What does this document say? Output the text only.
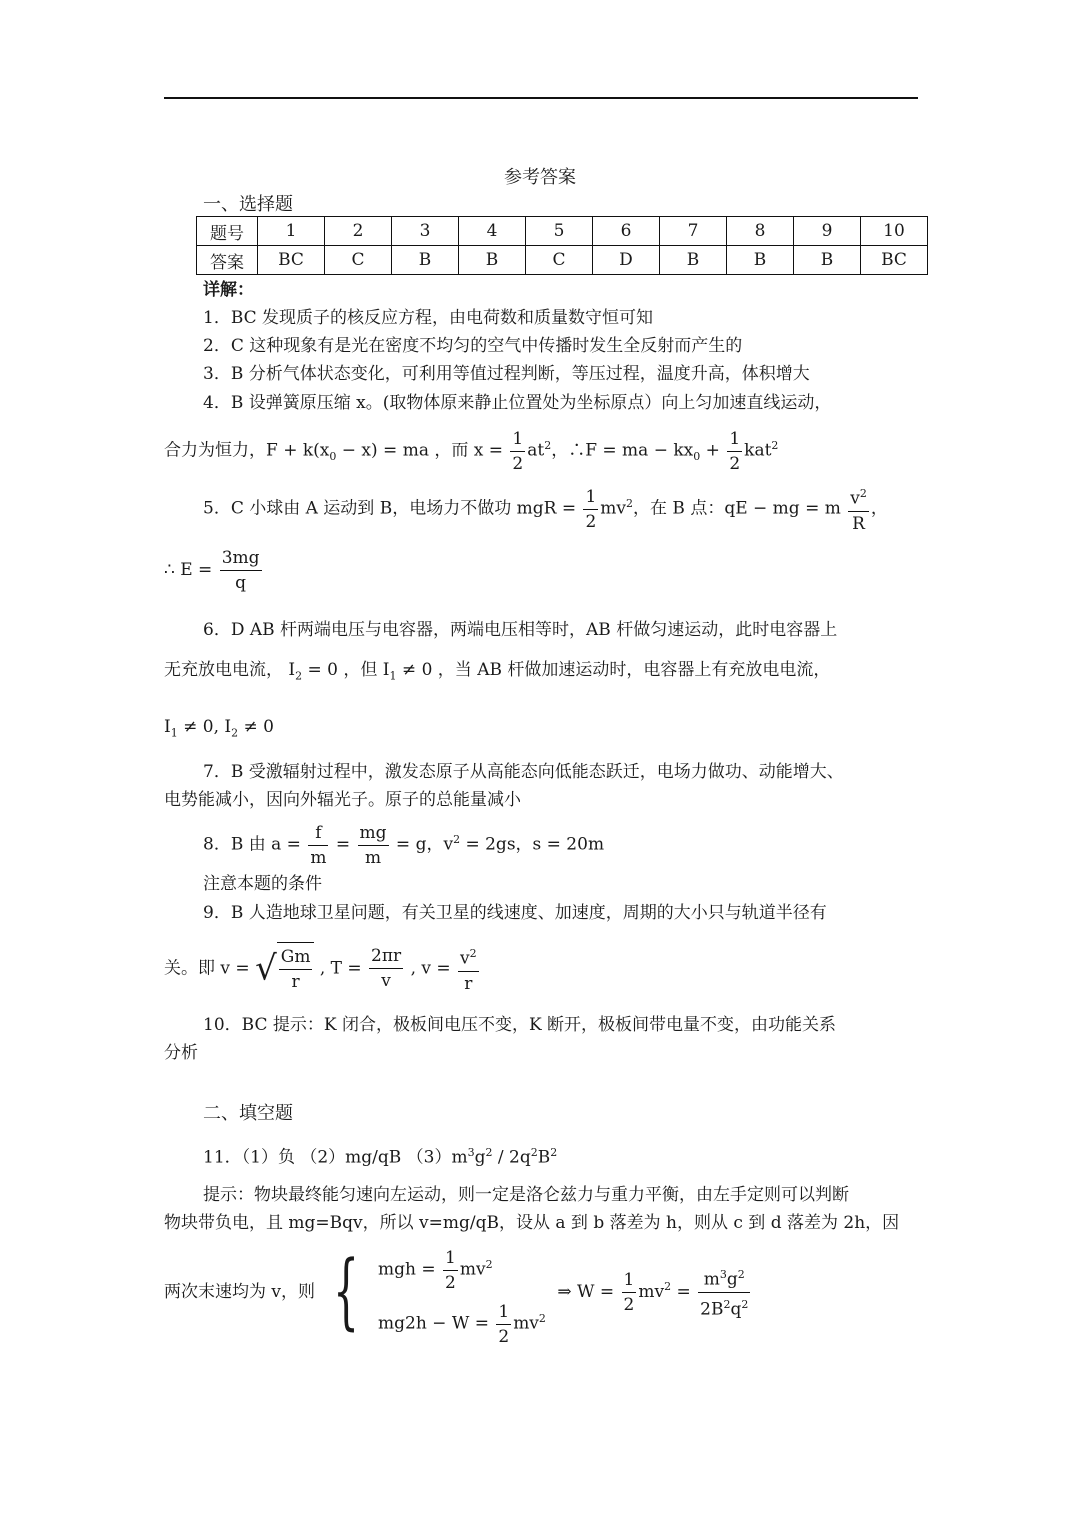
参考答案
一、选择题
题号	1	2	3	4	5	6	7	8	9	10
答案	BC	C	B	B	C	D	B	B	B	BC
详解：
1．BC 发现质子的核反应方程，由电荷数和质量数守恒可知
2．C 这种现象有是光在密度不均匀的空气中传播时发生全反射而产生的
3．B 分析气体状态变化，可利用等值过程判断，等压过程，温度升高，体积增大
4．B 设弹簧原压缩 x。(取物体原来静止位置处为坐标原点）向上匀加速直线运动，
合力为恒力，$F + k(x_0 - x)$ = ma ，而 $x = \frac{1}{2} at^2$，∴F = ma − $kx_0 + \frac{1}{2} kat^2$
5．C 小球由 A 运动到 B，电场力不做功 mgR = $\frac{1}{2} mv^2$，在 B 点：qE − mg = m $\frac{v^2}{R}$ ，
∴ $E = \frac{3mg}{q}$
6．D AB 杆两端电压与电容器，两端电压相等时，AB 杆做匀速运动，此时电容器上
无充放电电流， $I_2 = 0$ ，但 $I_1 \ne 0$ ，当 AB 杆做加速运动时，电容器上有充放电电流，
$I_1 \ne 0$, $I_2 \ne 0$
7．B 受激辐射过程中，激发态原子从高能态向低能态跃迁，电场力做功、动能增大、
电势能减小，因向外辐光子。原子的总能量减小
8．B 由 $a = \frac{f}{m} = \frac{mg}{m} = g$，$v^2 = 2gs$，s = 20m
注意本题的条件
9．B 人造地球卫星问题，有关卫星的线速度、加速度，周期的大小只与轨道半径有
关。即 v = √ $\frac{Gm}{r}$ , $T = \frac{2\pi r}{v}$ , $v = \frac{v^2}{r}$
10．BC 提示：K 闭合，极板间电压不变，K 断开，极板间带电量不变，由功能关系
分析
二、填空题
11．（1）负 （2）mg/qB $(3)m^3g^2 / 2q^2B^2$
提示：物块最终能匀速向左运动，则一定是洛仑兹力与重力平衡，由左手定则可以判断
物块带负电，且 mg=Bqv，所以 v=mg/qB，设从 a 到 b 落差为 h，则从 c 到 d 落差为 2h，因
两次末速均为 v，则 { mgh = $\frac{1}{2} mv^2$
$mg2h - W = \frac{1}{2} mv^2$
⇒ $W = \frac{1}{2} mv^2 = \frac{m^3g^2}{2B^2q^2}$
